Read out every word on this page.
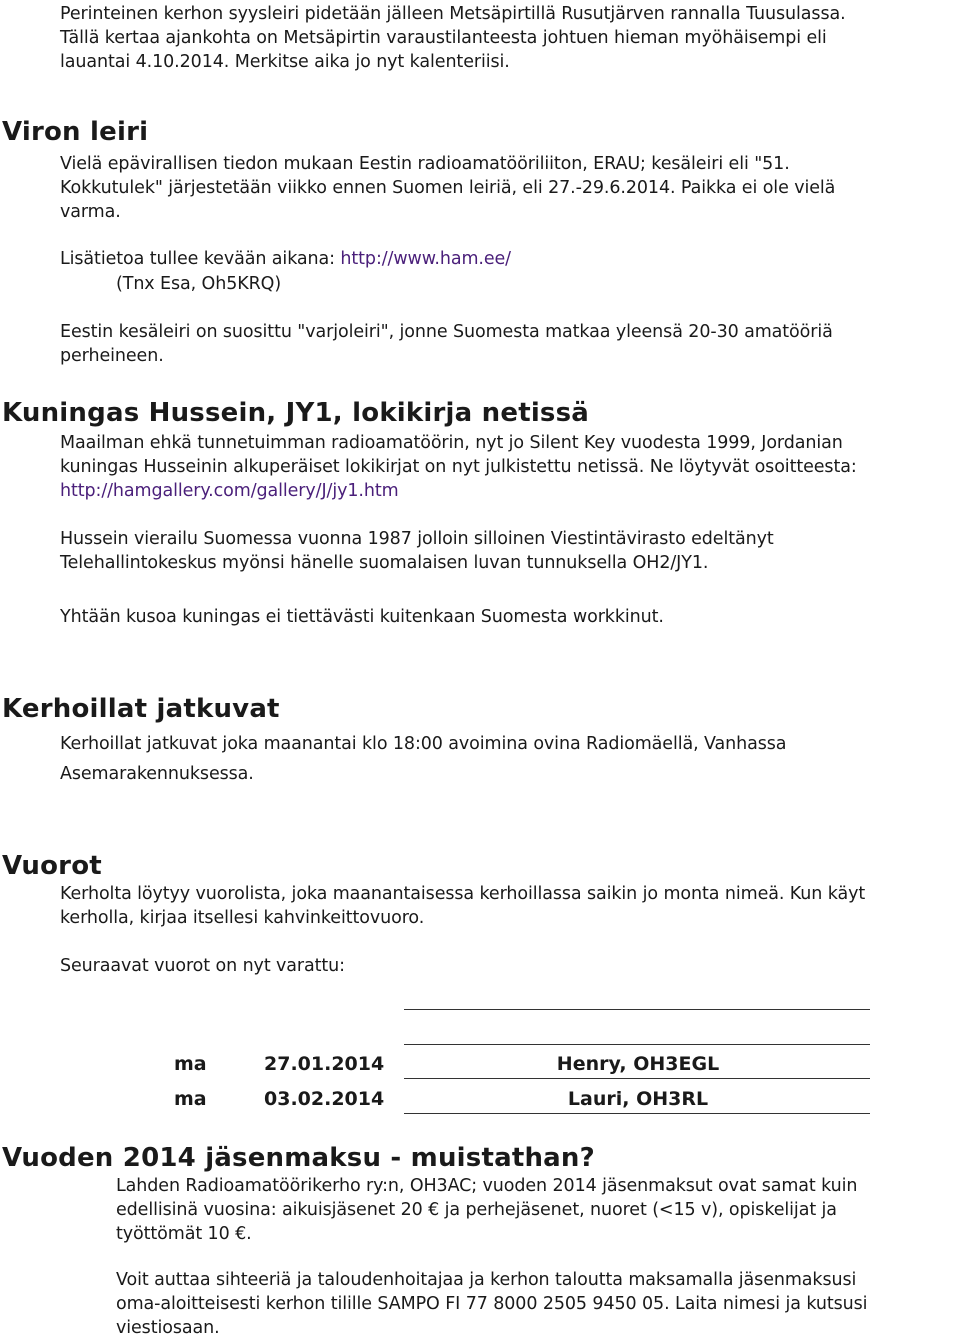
Perinteinen kerhon syysleiri pidetään jälleen Metsäpirtillä Rusutjärven rannalla Tuusulassa.
Tällä kertaa ajankohta on Metsäpirtin varaustilanteesta johtuen hieman myöhäisempi eli
lauantai 4.10.2014. Merkitse aika jo nyt kalenteriisi.
Viron leiri
Vielä epävirallisen tiedon mukaan Eestin radioamatööriliiton, ERAU; kesäleiri eli "51.
Kokkutulek" järjestetään viikko ennen Suomen leiriä, eli 27.-29.6.2014. Paikka ei ole vielä
varma.
Lisätietoa tullee kevään aikana: http://www.ham.ee/
(Tnx Esa, Oh5KRQ)
Eestin kesäleiri on suosittu "varjoleiri", jonne Suomesta matkaa yleensä 20-30 amatööriä
perheineen.
Kuningas Hussein, JY1, lokikirja netissä
Maailman ehkä tunnetuimman radioamatöörin, nyt jo Silent Key vuodesta 1999, Jordanian
kuningas Husseinin alkuperäiset lokikirjat on nyt julkistettu netissä. Ne löytyvät osoitteesta:
http://hamgallery.com/gallery/J/jy1.htm
Hussein vierailu Suomessa vuonna 1987 jolloin silloinen Viestintävirasto edeltänyt
Telehallintokeskus myönsi hänelle suomalaisen luvan tunnuksella OH2/JY1.
Yhtään kusoa kuningas ei tiettävästi kuitenkaan Suomesta workkinut.
Kerhoillat jatkuvat
Kerhoillat jatkuvat joka maanantai klo 18:00 avoimina ovina Radiomäellä, Vanhassa
Asemarakennuksessa.
Vuorot
Kerholta löytyy vuorolista, joka maanantaisessa kerhoillassa saikin jo monta nimeä. Kun käyt
kerholla, kirjaa itsellesi kahvinkeittovuoro.
Seuraavat vuorot on nyt varattu:
ma	27.01.2014	Henry, OH3EGL
ma	03.02.2014	Lauri, OH3RL
Vuoden 2014 jäsenmaksu - muistathan?
Lahden Radioamatöörikerho ry:n, OH3AC; vuoden 2014 jäsenmaksut ovat samat kuin
edellisinä vuosina: aikuisjäsenet 20 € ja perhejäsenet, nuoret (<15 v), opiskelijat ja
työttömät 10 €.
Voit auttaa sihteeriä ja taloudenhoitajaa ja kerhon taloutta maksamalla jäsenmaksusi
oma-aloitteisesti kerhon tilille SAMPO FI 77 8000 2505 9450 05. Laita nimesi ja kutsusi
viestiosaan.
